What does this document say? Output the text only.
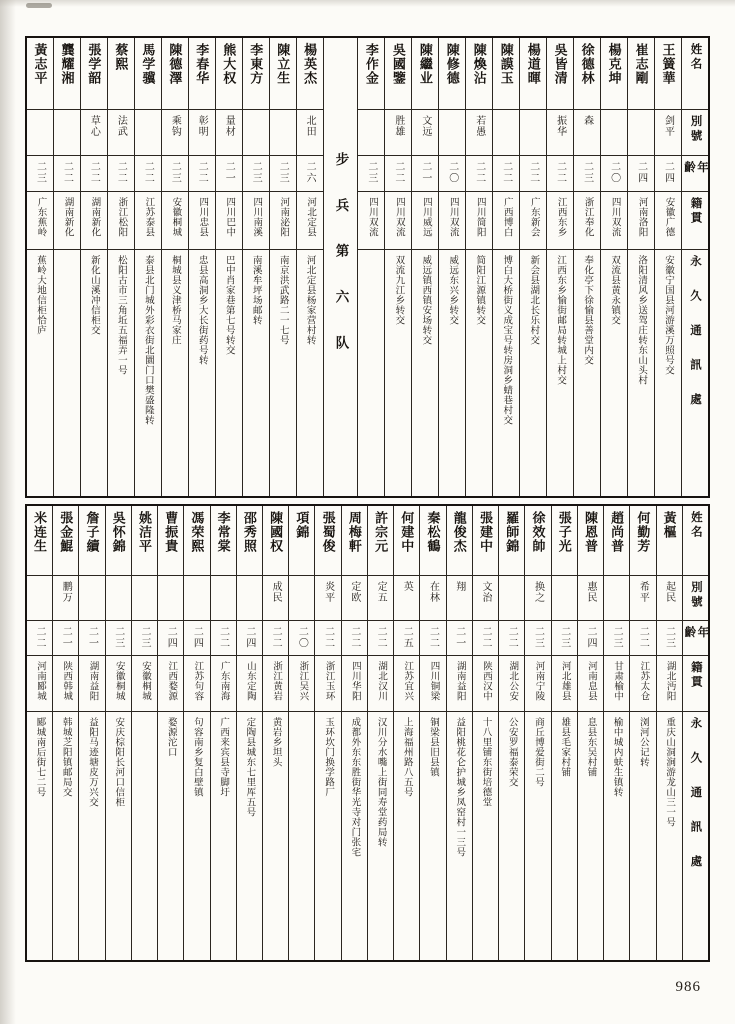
姓名
別號
年齡
籍貫
永久通訊處
王簧華
剑平
二四
安徽广德
安徽宁国县河游溪万照号交
崔志剛
二四
河南洛阳
洛阳清风乡送驾庄转东山头村
楊克坤
二〇
四川双流
双流县黄永镇交
徐德林
森
二三
浙江奉化
奉化亭下徐愉县善堂内交
吳皆清
振华
二二
江西东乡
江西东乡愉街邮局转城上村交
楊道暉
二二
广东新会
新会县湖北长乐村交
陳謨玉
二二
广西博白
博白大桥街义成宝号转房洞乡蜻巷村交
陳煥沾
若愚
二二
四川简阳
简阳江源镇转交
陳修德
二〇
四川双流
威远东兴乡转交
陳繼业
文远
二一
四川威远
威远镇西镇安场转交
吳國鑒
胜雄
二二
四川双流
双流九江乡转交
李作金
二三
四川双流
步兵第六队
楊英杰
北田
二六
河北定县
河北定县杨家营村转
陳立生
二三
河南泌阳
南京洪武路二一七号
李東方
二三
四川南溪
南溪牟坪场邮转
熊大权
量材
二一
四川巴中
巴中肖家巷第七号转交
李春华
彰明
二二
四川忠县
忠县高洞乡大长街药号转
陳德澤
乘钩
二三
安徽桐城
桐城县义津桥马家庄
馬学骥
二二
江苏泰县
泰县北门城外彩衣街北圜门口樊盛隆转
蔡熙
法武
二二
浙江松阳
松阳古市三角坵五福弄一号
張学韶
草心
二二
湖南新化
新化山溪冲信柜交
龔耀湘
二二
湖南新化
黃志平
二三
广东蕉岭
蕉岭大地信柜恰庐
姓名
別號
年齡
籍貫
永久通訊處
黃樞
起民
二三
湖北沔阳
重庆山洞涧游龙山三一号
何勤芳
希平
二二
江苏太仓
浏河公记转
趙尚普
二三
甘肃榆中
榆中城内蚨生镇转
陳恩普
惠民
二四
河南息县
息县东吴村铺
張子光
二三
河北雄县
雄县毛家村铺
徐效帥
换之
二三
河南宁陵
商丘博爱街二号
羅師錦
二二
湖北公安
公安罗福泰荣交
張建中
文治
二二
陕西汉中
十八里铺东街培德堂
龍俊杰
翔
二一
湖南益阳
益阳桃花仑护城乡凤窑村一三号
秦松鶴
在林
二二
四川铜梁
铜梁县旧县镇
何建中
英
二五
江苏宜兴
上海福州路八五号
許宗元
定五
二二
湖北汉川
汉川分水嘴上街同寿堂药局转
周梅軒
定欧
二二
四川华阳
成都外东东胜街华光寺对门张宅
張蜀俊
炎平
二二
浙江玉环
玉环坎门换学路厂
項錦
二〇
浙江吴兴
陳國权
成民
二二
浙江黄岩
黄岩乡坦头
邵秀照
二四
山东定陶
定陶县城东七里厍五号
李常棠
二二
广东南海
广西来宾县寺脚圩
馮荣熙
二四
江苏句容
句容南乡复白壁镇
曹振貴
二四
江西婺源
婺源沱口
姚洁平
二三
安徽桐城
吳怀錦
二三
安徽桐城
安庆棕阳长河口信柜
詹子續
二一
湖南益阳
益阳马迹塘皮万兴交
張金鯤
鹏万
二一
陕西韩城
韩城芝阳镇邮局交
米连生
二二
河南郾城
郾城南后街七二号
986
